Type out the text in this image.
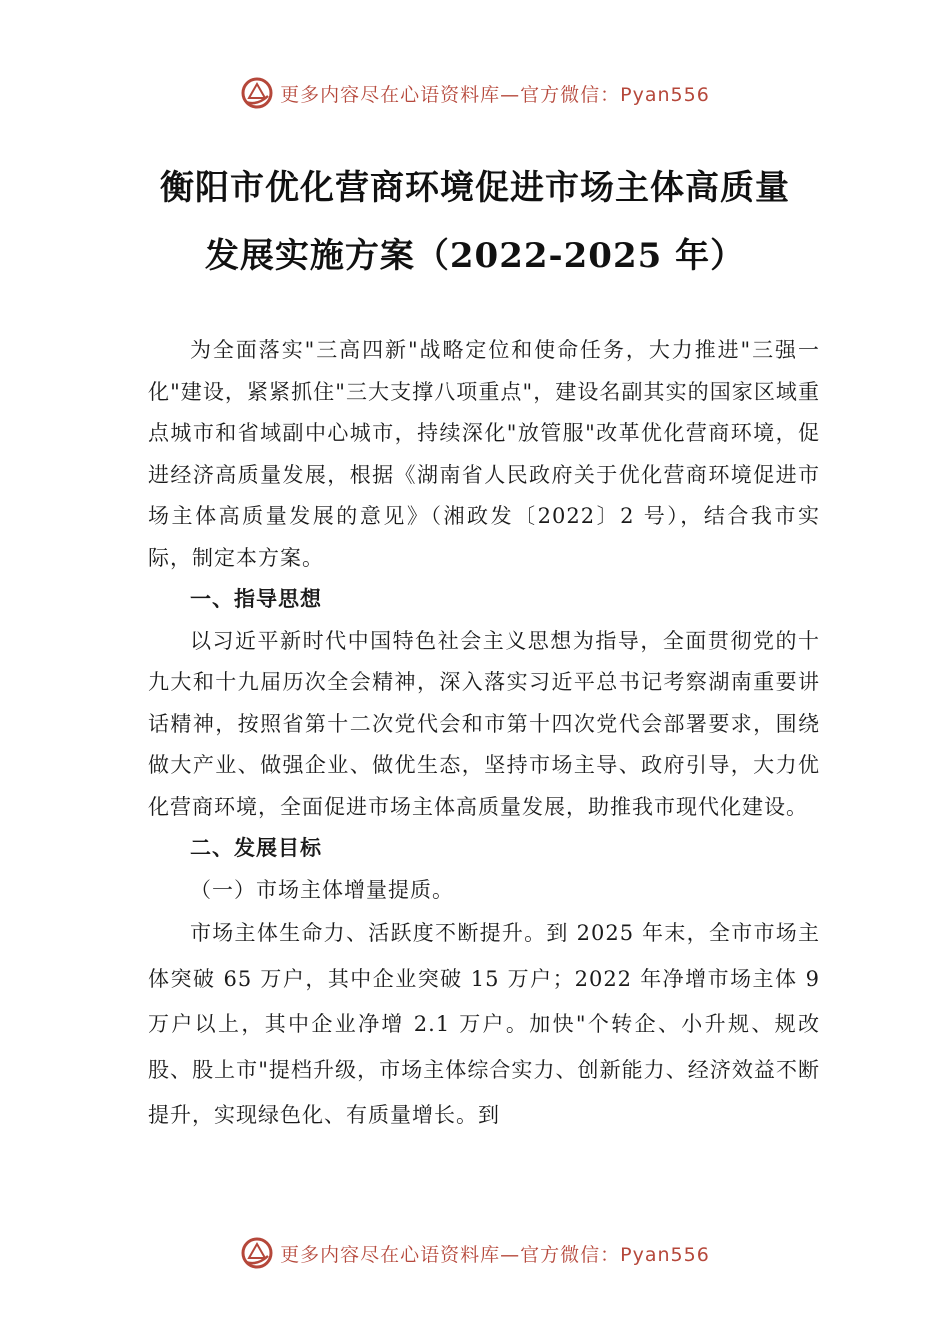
更多内容尽在心语资料库—官方微信：Pyan556
衡阳市优化营商环境促进市场主体高质量
发展实施方案（2022-2025 年）

为全面落实"三高四新"战略定位和使命任务，大力推进"三强一化"建设，紧紧抓住"三大支撑八项重点"，建设名副其实的国家区域重点城市和省域副中心城市，持续深化"放管服"改革优化营商环境，促进经济高质量发展，根据《湖南省人民政府关于优化营商环境促进市场主体高质量发展的意见》（湘政发〔2022〕2 号），结合我市实际，制定本方案。

一、指导思想

以习近平新时代中国特色社会主义思想为指导，全面贯彻党的十九大和十九届历次全会精神，深入落实习近平总书记考察湖南重要讲话精神，按照省第十二次党代会和市第十四次党代会部署要求，围绕做大产业、做强企业、做优生态，坚持市场主导、政府引导，大力优化营商环境，全面促进市场主体高质量发展，助推我市现代化建设。

二、发展目标

（一）市场主体增量提质。

市场主体生命力、活跃度不断提升。到 2025 年末，全市市场主体突破 65 万户，其中企业突破 15 万户；2022 年净增市场主体 9 万户以上，其中企业净增 2.1 万户。加快"个转企、小升规、规改股、股上市"提档升级，市场主体综合实力、创新能力、经济效益不断提升，实现绿色化、有质量增长。到

更多内容尽在心语资料库—官方微信：Pyan556
